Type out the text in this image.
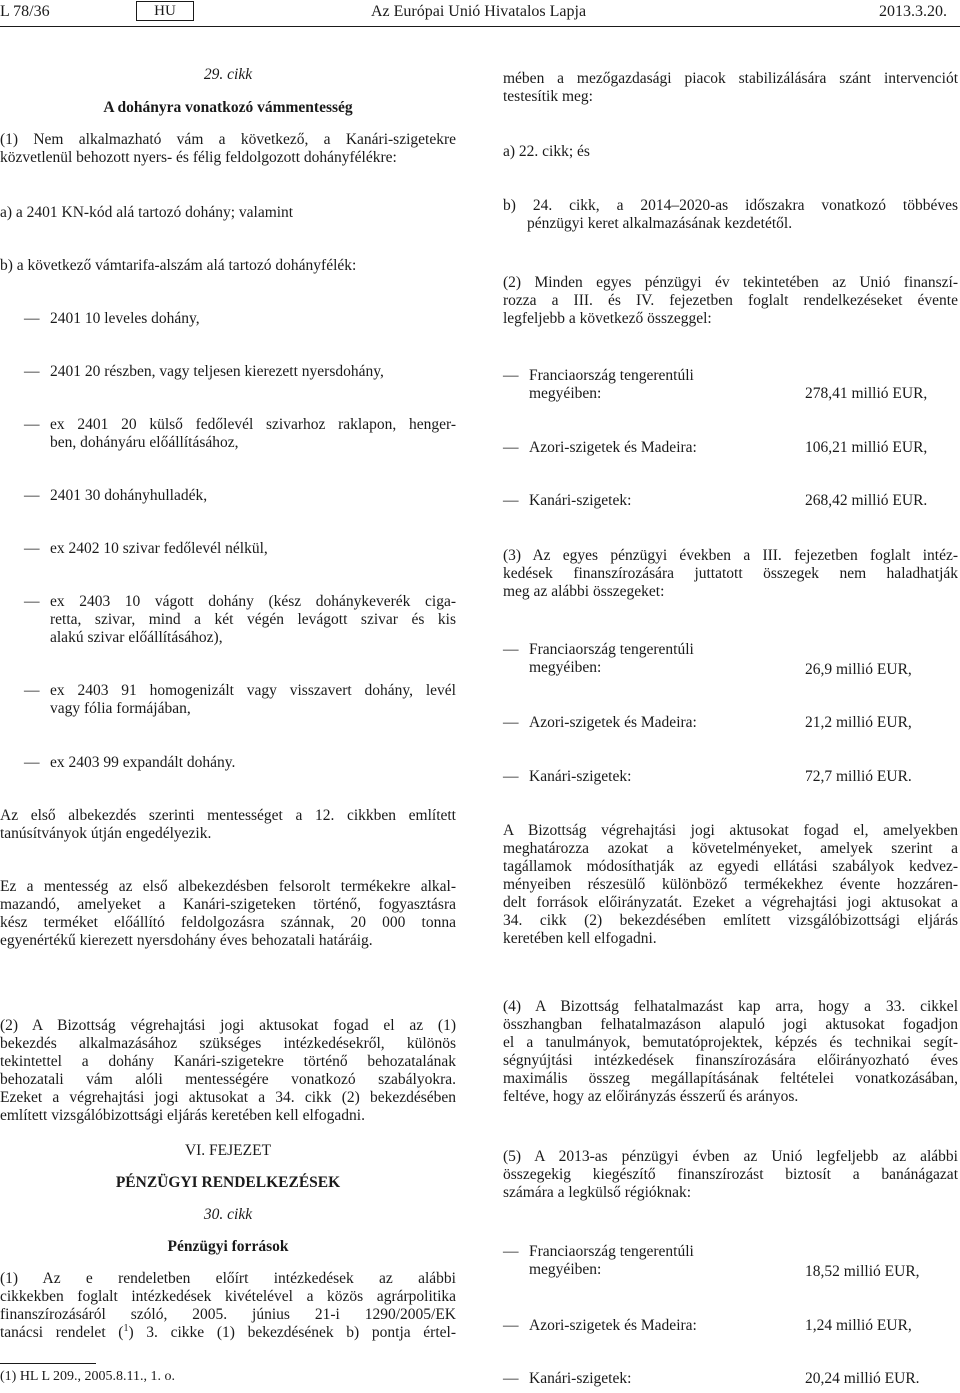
L 78/36	HU	Az Európai Unió Hivatalos Lapja	2013.3.20.
29. cikk
A dohányra vonatkozó vámmentesség
(1) Nem alkalmazható vám a következő, a Kanári-szigetekre
közvetlenül behozott nyers- és félig feldolgozott dohányfélékre:
a) a 2401 KN-kód alá tartozó dohány; valamint
b) a következő vámtarifa-alszám alá tartozó dohányfélék:
— 2401 10 leveles dohány,
— 2401 20 részben, vagy teljesen kierezett nyersdohány,
— ex 2401 20 külső fedőlevél szivarhoz raklapon, henger-
ben, dohányáru előállításához,
— 2401 30 dohányhulladék,
— ex 2402 10 szivar fedőlevél nélkül,
— ex 2403 10 vágott dohány (kész dohánykeverék ciga-
retta, szivar, mind a két végén levágott szivar és kis
alakú szivar előállításához),
— ex 2403 91 homogenizált vagy visszavert dohány, levél
vagy fólia formájában,
— ex 2403 99 expandált dohány.
Az első albekezdés szerinti mentességet a 12. cikkben említett
tanúsítványok útján engedélyezik.
Ez a mentesség az első albekezdésben felsorolt termékekre alkal-
mazandó, amelyeket a Kanári-szigeteken történő, fogyasztásra
kész terméket előállító feldolgozásra szánnak, 20 000 tonna
egyenértékű kierezett nyersdohány éves behozatali határáig.
(2) A Bizottság végrehajtási jogi aktusokat fogad el az (1)
bekezdés alkalmazásához szükséges intézkedésekről, különös
tekintettel a dohány Kanári-szigetekre történő behozatalának
behozatali vám alóli mentességére vonatkozó szabályokra.
Ezeket a végrehajtási jogi aktusokat a 34. cikk (2) bekezdésében
említett vizsgálóbizottsági eljárás keretében kell elfogadni.
VI. FEJEZET
PÉNZÜGYI RENDELKEZÉSEK
30. cikk
Pénzügyi források
(1) Az e rendeletben előírt intézkedések az alábbi
cikkekben foglalt intézkedések kivételével a közös agrárpolitika
finanszírozásáról szóló, 2005. június 21-i 1290/2005/EK
tanácsi rendelet ($^1$) 3. cikke (1) bekezdésének b) pontja értel-
(1) HL L 209., 2005.8.11., 1. o.
mében a mezőgazdasági piacok stabilizálására szánt intervenciót
testesítik meg:
a) 22. cikk; és
b) 24. cikk, a 2014–2020-as időszakra vonatkozó többéves
pénzügyi keret alkalmazásának kezdetétől.
(2) Minden egyes pénzügyi év tekintetében az Unió finanszí-
rozza a III. és IV. fejezetben foglalt rendelkezéseket évente
legfeljebb a következő összeggel:
— Franciaország tengerentúli
megyéiben:	278,41 millió EUR,
— Azori-szigetek és Madeira:	106,21 millió EUR,
— Kanári-szigetek:	268,42 millió EUR.
(3) Az egyes pénzügyi években a III. fejezetben foglalt intéz-
kedések finanszírozására juttatott összegek nem haladhatják
meg az alábbi összegeket:
— Franciaország tengerentúli
megyéiben:	26,9 millió EUR,
— Azori-szigetek és Madeira:	21,2 millió EUR,
— Kanári-szigetek:	72,7 millió EUR.
A Bizottság végrehajtási jogi aktusokat fogad el, amelyekben
meghatározza azokat a követelményeket, amelyek szerint a
tagállamok módosíthatják az egyedi ellátási szabályok kedvez-
ményeiben részesülő különböző termékekhez évente hozzáren-
delt források előirányzatát. Ezeket a végrehajtási jogi aktusokat a
34. cikk (2) bekezdésében említett vizsgálóbizottsági eljárás
keretében kell elfogadni.
(4) A Bizottság felhatalmazást kap arra, hogy a 33. cikkel
összhangban felhatalmazáson alapuló jogi aktusokat fogadjon
el a tanulmányok, bemutatóprojektek, képzés és technikai segít-
ségnyújtási intézkedések finanszírozására előirányozható éves
maximális összeg megállapításának feltételei vonatkozásában,
feltéve, hogy az előirányzás ésszerű és arányos.
(5) A 2013-as pénzügyi évben az Unió legfeljebb az alábbi
összegekig kiegészítő finanszírozást biztosít a banánágazat
számára a legkülső régióknak:
— Franciaország tengerentúli
megyéiben:	18,52 millió EUR,
— Azori-szigetek és Madeira:	1,24 millió EUR,
— Kanári-szigetek:	20,24 millió EUR.
